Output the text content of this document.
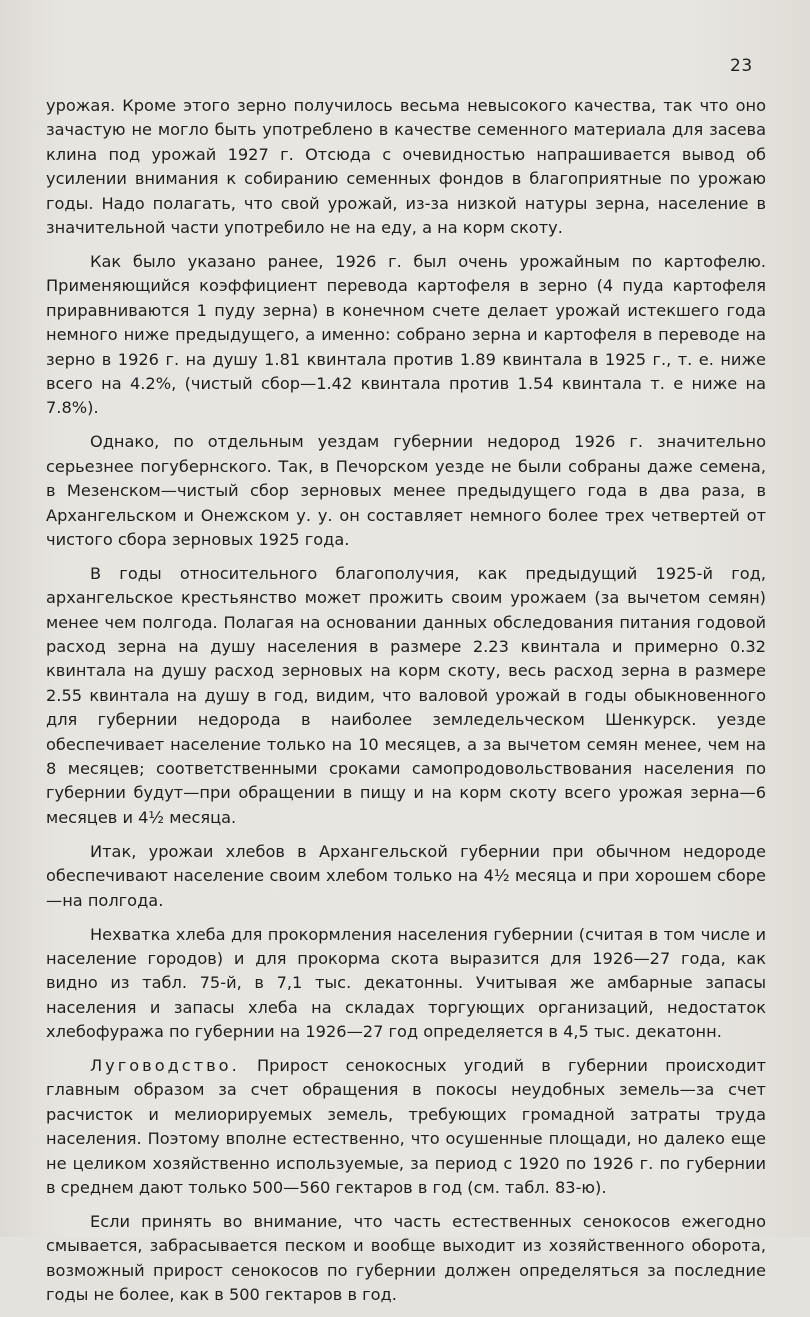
23

урожая. Кроме этого зерно получилось весьма невысокого качества, так что оно зачастую не могло быть употреблено в качестве семенного материала для засева клина под урожай 1927 г. Отсюда с очевидностью напрашивается вывод об усилении внимания к собиранию семенных фондов в благоприятные по урожаю годы. Надо полагать, что свой урожай, из-за низкой натуры зерна, население в значительной части употребило не на еду, а на корм скоту.

Как было указано ранее, 1926 г. был очень урожайным по картофелю. Применяющийся коэффициент перевода картофеля в зерно (4 пуда картофеля приравниваются 1 пуду зерна) в конечном счете делает урожай истекшего года немного ниже предыдущего, а именно: собрано зерна и картофеля в переводе на зерно в 1926 г. на душу 1.81 квинтала против 1.89 квинтала в 1925 г., т. е. ниже всего на 4.2%, (чистый сбор—1.42 квинтала против 1.54 квинтала т. е ниже на 7.8%).

Однако, по отдельным уездам губернии недород 1926 г. значительно серьезнее погубернского. Так, в Печорском уезде не были собраны даже семена, в Мезенском—чистый сбор зерновых менее предыдущего года в два раза, в Архангельском и Онежском у. у. он составляет немного более трех четвертей от чистого сбора зерновых 1925 года.

В годы относительного благополучия, как предыдущий 1925-й год, архангельское крестьянство может прожить своим урожаем (за вычетом семян) менее чем полгода. Полагая на основании данных обследования питания годовой расход зерна на душу населения в размере 2.23 квинтала и примерно 0.32 квинтала на душу расход зерновых на корм скоту, весь расход зерна в размере 2.55 квинтала на душу в год, видим, что валовой урожай в годы обыкновенного для губернии недорода в наиболее земледельческом Шенкурск. уезде обеспечивает население только на 10 месяцев, а за вычетом семян менее, чем на 8 месяцев; соответственными сроками самопродовольствования населения по губернии будут—при обращении в пищу и на корм скоту всего урожая зерна—6 месяцев и 4½ месяца.

Итак, урожаи хлебов в Архангельской губернии при обычном недороде обеспечивают население своим хлебом только на 4½ месяца и при хорошем сборе—на полгода.

Нехватка хлеба для прокормления населения губернии (считая в том числе и население городов) и для прокорма скота выразится для 1926—27 года, как видно из табл. 75-й, в 7,1 тыс. декатонны. Учитывая же амбарные запасы населения и запасы хлеба на складах торгующих организаций, недостаток хлебофуража по губернии на 1926—27 год определяется в 4,5 тыс. декатонн.

Луговодство. Прирост сенокосных угодий в губернии происходит главным образом за счет обращения в покосы неудобных земель—за счет расчисток и мелиорируемых земель, требующих громадной затраты труда населения. Поэтому вполне естественно, что осушенные площади, но далеко еще не целиком хозяйственно используемые, за период с 1920 по 1926 г. по губернии в среднем дают только 500—560 гектаров в год (см. табл. 83-ю).

Если принять во внимание, что часть естественных сенокосов ежегодно смывается, забрасывается песком и вообще выходит из хозяйственного оборота, возможный прирост сенокосов по губернии должен определяться за последние годы не более, как в 500 гектаров в год.
